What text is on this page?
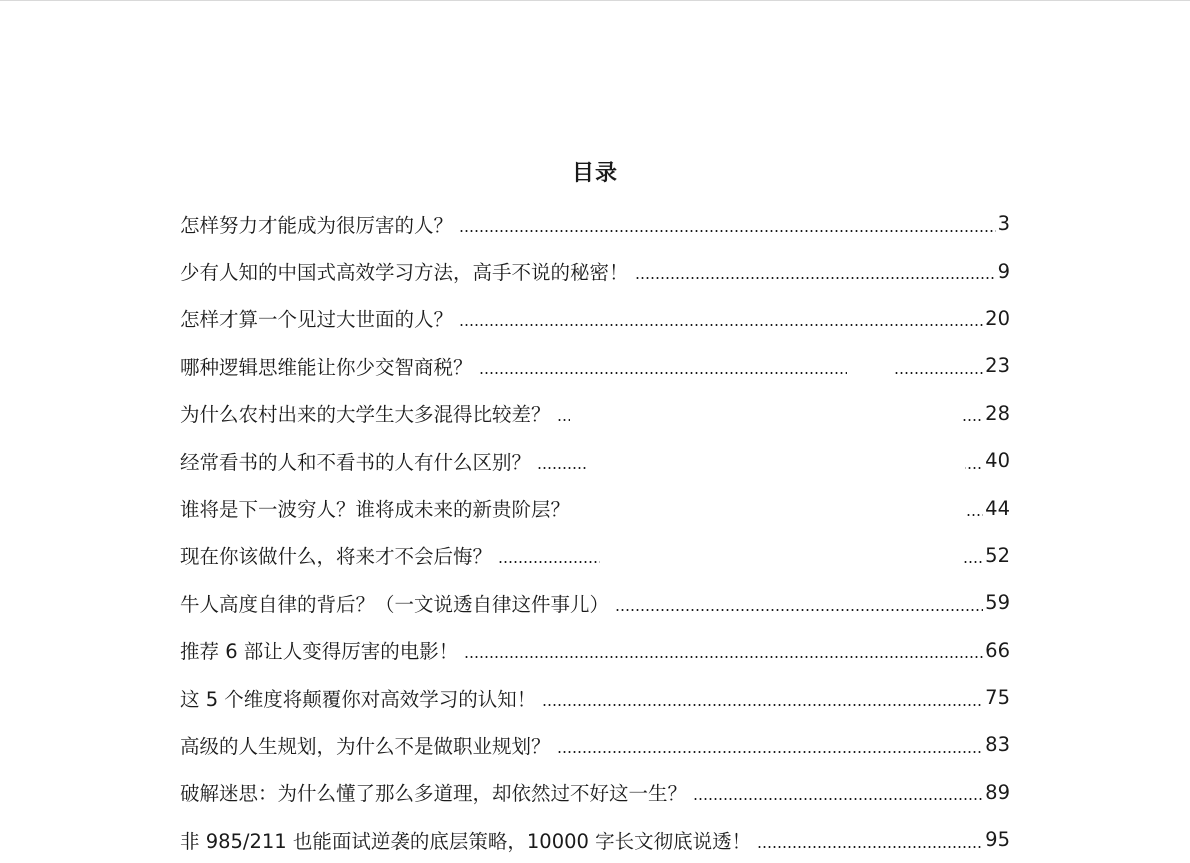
目录
怎样努力才能成为很厉害的人？	3
少有人知的中国式高效学习方法，高手不说的秘密！	9
怎样才算一个见过大世面的人？	20
哪种逻辑思维能让你少交智商税？	23
为什么农村出来的大学生大多混得比较差？	28
经常看书的人和不看书的人有什么区别？	40
谁将是下一波穷人？谁将成未来的新贵阶层？	44
现在你该做什么，将来才不会后悔？	52
牛人高度自律的背后？（一文说透自律这件事儿）	59
推荐 6 部让人变得厉害的电影！	66
这 5 个维度将颠覆你对高效学习的认知！	75
高级的人生规划，为什么不是做职业规划？	83
破解迷思：为什么懂了那么多道理，却依然过不好这一生？	89
非 985/211 也能面试逆袭的底层策略，10000 字长文彻底说透！	95
